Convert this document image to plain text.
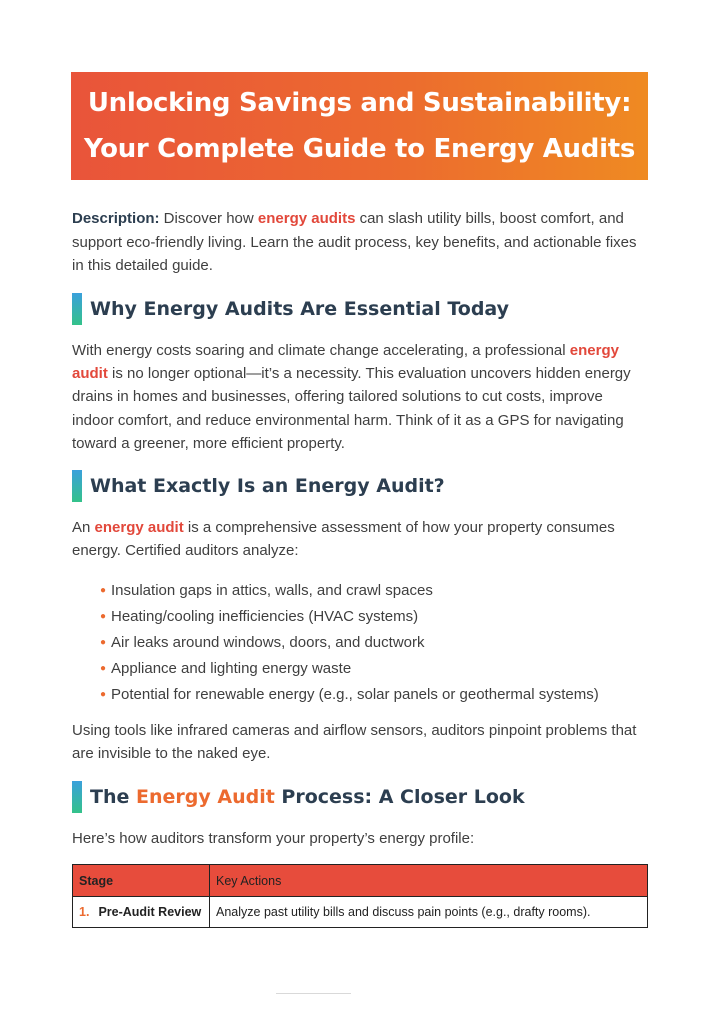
Unlocking Savings and Sustainability:
Your Complete Guide to Energy Audits
Description: Discover how energy audits can slash utility bills, boost comfort, and support eco-friendly living. Learn the audit process, key benefits, and actionable fixes in this detailed guide.
Why Energy Audits Are Essential Today
With energy costs soaring and climate change accelerating, a professional energy audit is no longer optional—it’s a necessity. This evaluation uncovers hidden energy drains in homes and businesses, offering tailored solutions to cut costs, improve indoor comfort, and reduce environmental harm. Think of it as a GPS for navigating toward a greener, more efficient property.
What Exactly Is an Energy Audit?
An energy audit is a comprehensive assessment of how your property consumes energy. Certified auditors analyze:
● Insulation gaps in attics, walls, and crawl spaces
● Heating/cooling inefficiencies (HVAC systems)
● Air leaks around windows, doors, and ductwork
● Appliance and lighting energy waste
● Potential for renewable energy (e.g., solar panels or geothermal systems)
Using tools like infrared cameras and airflow sensors, auditors pinpoint problems that are invisible to the naked eye.
The Energy Audit Process: A Closer Look
Here’s how auditors transform your property’s energy profile:
Stage	Key Actions
1. Pre-Audit Review	Analyze past utility bills and discuss pain points (e.g., drafty rooms).
